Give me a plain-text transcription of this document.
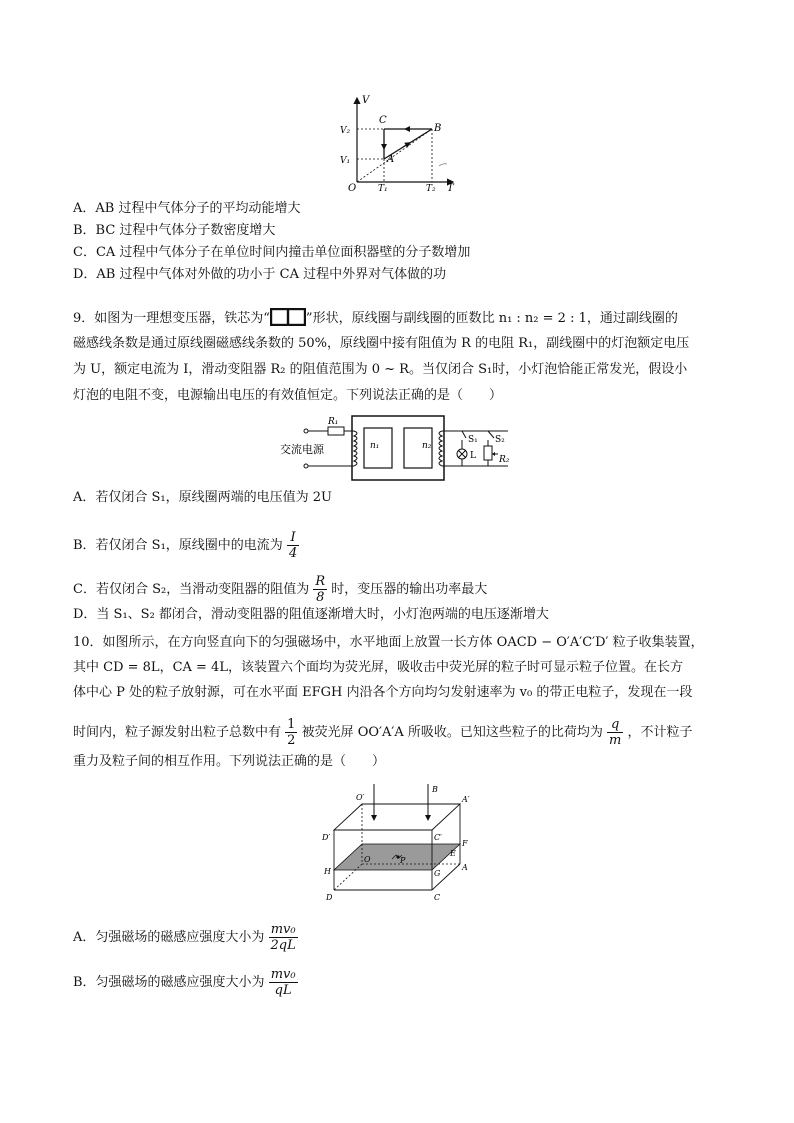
V
T
O
V₂
V₁
T₁	T₂
A
B
C
A．AB 过程中气体分子的平均动能增大
B．BC 过程中气体分子数密度增大
C．CA 过程中气体分子在单位时间内撞击单位面积器壁的分子数增加
D．AB 过程中气体对外做的功小于 CA 过程中外界对气体做的功
9．如图为一理想变压器，铁芯为“	”形状，原线圈与副线圈的匝数比 n₁ : n₂ = 2 : 1，通过副线圈的
磁感线条数是通过原线圈磁感线条数的 50%，原线圈中接有阻值为 R 的电阻 R₁，副线圈中的灯泡额定电压
为 U，额定电流为 I，滑动变阻器 R₂ 的阻值范围为 0 ~ R。当仅闭合 S₁时，小灯泡恰能正常发光，假设小
灯泡的电阻不变，电源输出电压的有效值恒定。下列说法正确的是（　　）
交流电源
R₁
n₁	n₂
S₁
L
S₂
R₂
A．若仅闭合 S₁，原线圈两端的电压值为 2U
B．若仅闭合 S₁，原线圈中的电流为 $\frac{I}{4}$
C．若仅闭合 S₂，当滑动变阻器的阻值为 $\frac{R}{8}$ 时，变压器的输出功率最大
D．当 S₁、S₂ 都闭合，滑动变阻器的阻值逐渐增大时，小灯泡两端的电压逐渐增大
10．如图所示，在方向竖直向下的匀强磁场中，水平地面上放置一长方体 OACD − O′A′C′D′ 粒子收集装置，
其中 CD = 8L，CA = 4L，该装置六个面均为荧光屏，吸收击中荧光屏的粒子时可显示粒子位置。在长方
体中心 P 处的粒子放射源，可在水平面 EFGH 内沿各个方向均匀发射速率为 v₀ 的带正电粒子，发现在一段
时间内，粒子源发射出粒子总数中有 $\frac{1}{2}$ 被荧光屏 OO′A′A 所吸收。已知这些粒子的比荷均为 $\frac{q}{m}$ ，不计粒子
重力及粒子间的相互作用。下列说法正确的是（　　）
B
O′	A′
D′	C′
F
E
H	G
O	P
A
D	C
A．匀强磁场的磁感应强度大小为 $\frac{\text{mv₀}}{2qL}$
B．匀强磁场的磁感应强度大小为 $\frac{\text{mv₀}}{qL}$
